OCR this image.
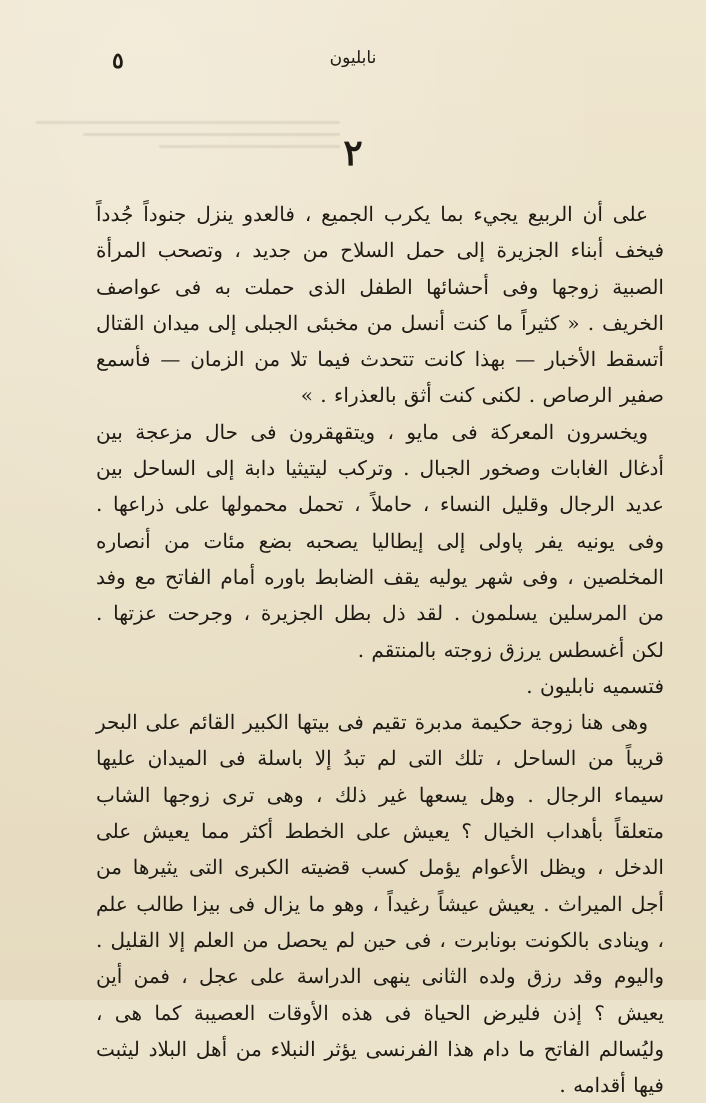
نابليون
٥
٢

على أن الربيع يجيء بما يكرب الجميع ، فالعدو ينزل جنوداً جُدداً فيخف أبناء الجزيرة إلى حمل السلاح من جديد ، وتصحب المرأة الصبية زوجها وفى أحشائها الطفل الذى حملت به فى عواصف الخريف . « كثيراً ما كنت أنسل من مخبئى الجبلى إلى ميدان القتال أتسقط الأخبار — بهذا كانت تتحدث فيما تلا من الزمان — فأسمع صفير الرصاص . لكنى كنت أثق بالعذراء . »

ويخسرون المعركة فى مايو ، ويتقهقرون فى حال مزعجة بين أدغال الغابات وصخور الجبال . وتركب ليتيثيا دابة إلى الساحل بين عديد الرجال وقليل النساء ، حاملاً ، تحمل محمولها على ذراعها . وفى يونيه يفر پاولى إلى إيطاليا يصحبه بضع مئات من أنصاره المخلصين ، وفى شهر يوليه يقف الضابط باوره أمام الفاتح مع وفد من المرسلين يسلمون . لقد ذل بطل الجزيرة ، وجرحت عزتها . لكن أغسطس يرزق زوجته بالمنتقم .

فتسميه نابليون .

وهى هنا زوجة حكيمة مدبرة تقيم فى بيتها الكبير القائم على البحر قريباً من الساحل ، تلك التى لم تبدُ إلا باسلة فى الميدان عليها سيماء الرجال . وهل يسعها غير ذلك ، وهى ترى زوجها الشاب متعلقاً بأهداب الخيال ؟ يعيش على الخطط أكثر مما يعيش على الدخل ، ويظل الأعوام يؤمل كسب قضيته الكبرى التى يثيرها من أجل الميراث . يعيش عيشاً رغيداً ، وهو ما يزال فى بيزا طالب علم ، وينادى بالكونت بونابرت ، فى حين لم يحصل من العلم إلا القليل . واليوم وقد رزق ولده الثانى ينهى الدراسة على عجل ، فمن أين يعيش ؟ إذن فليرض الحياة فى هذه الأوقات العصيبة كما هى ، وليُسالم الفاتح ما دام هذا الفرنسى يؤثر النبلاء من أهل البلاد ليثبت فيها أقدامه .
